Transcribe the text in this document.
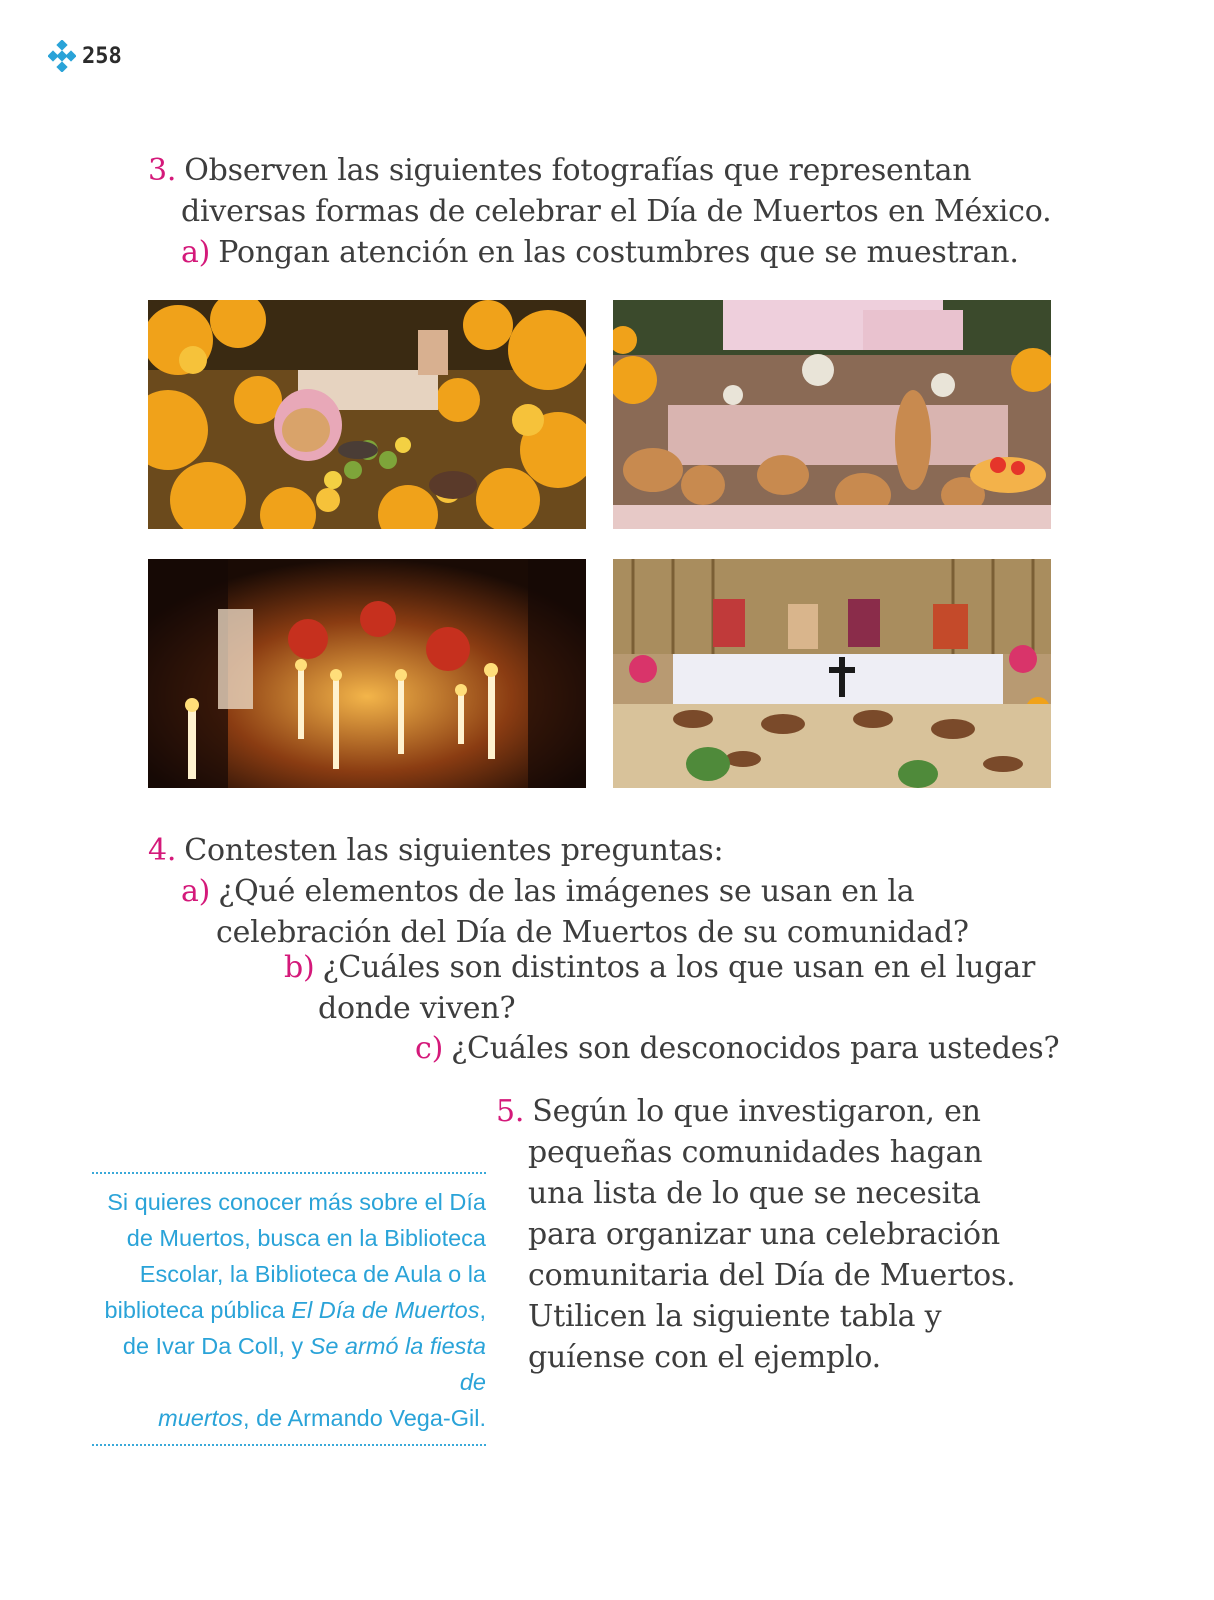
258
3. Observen las siguientes fotografías que representan
diversas formas de celebrar el Día de Muertos en México.
a) Pongan atención en las costumbres que se muestran.
4. Contesten las siguientes preguntas:
a) ¿Qué elementos de las imágenes se usan en la
celebración del Día de Muertos de su comunidad?
b) ¿Cuáles son distintos a los que usan en el lugar
donde viven?
c) ¿Cuáles son desconocidos para ustedes?
5. Según lo que investigaron, en
pequeñas comunidades hagan
una lista de lo que se necesita
para organizar una celebración
comunitaria del Día de Muertos.
Utilicen la siguiente tabla y
guíense con el ejemplo.
Si quieres conocer más sobre el Día
de Muertos, busca en la Biblioteca
Escolar, la Biblioteca de Aula o la
biblioteca pública El Día de Muertos,
de Ivar Da Coll, y Se armó la fiesta de
muertos, de Armando Vega-Gil.
